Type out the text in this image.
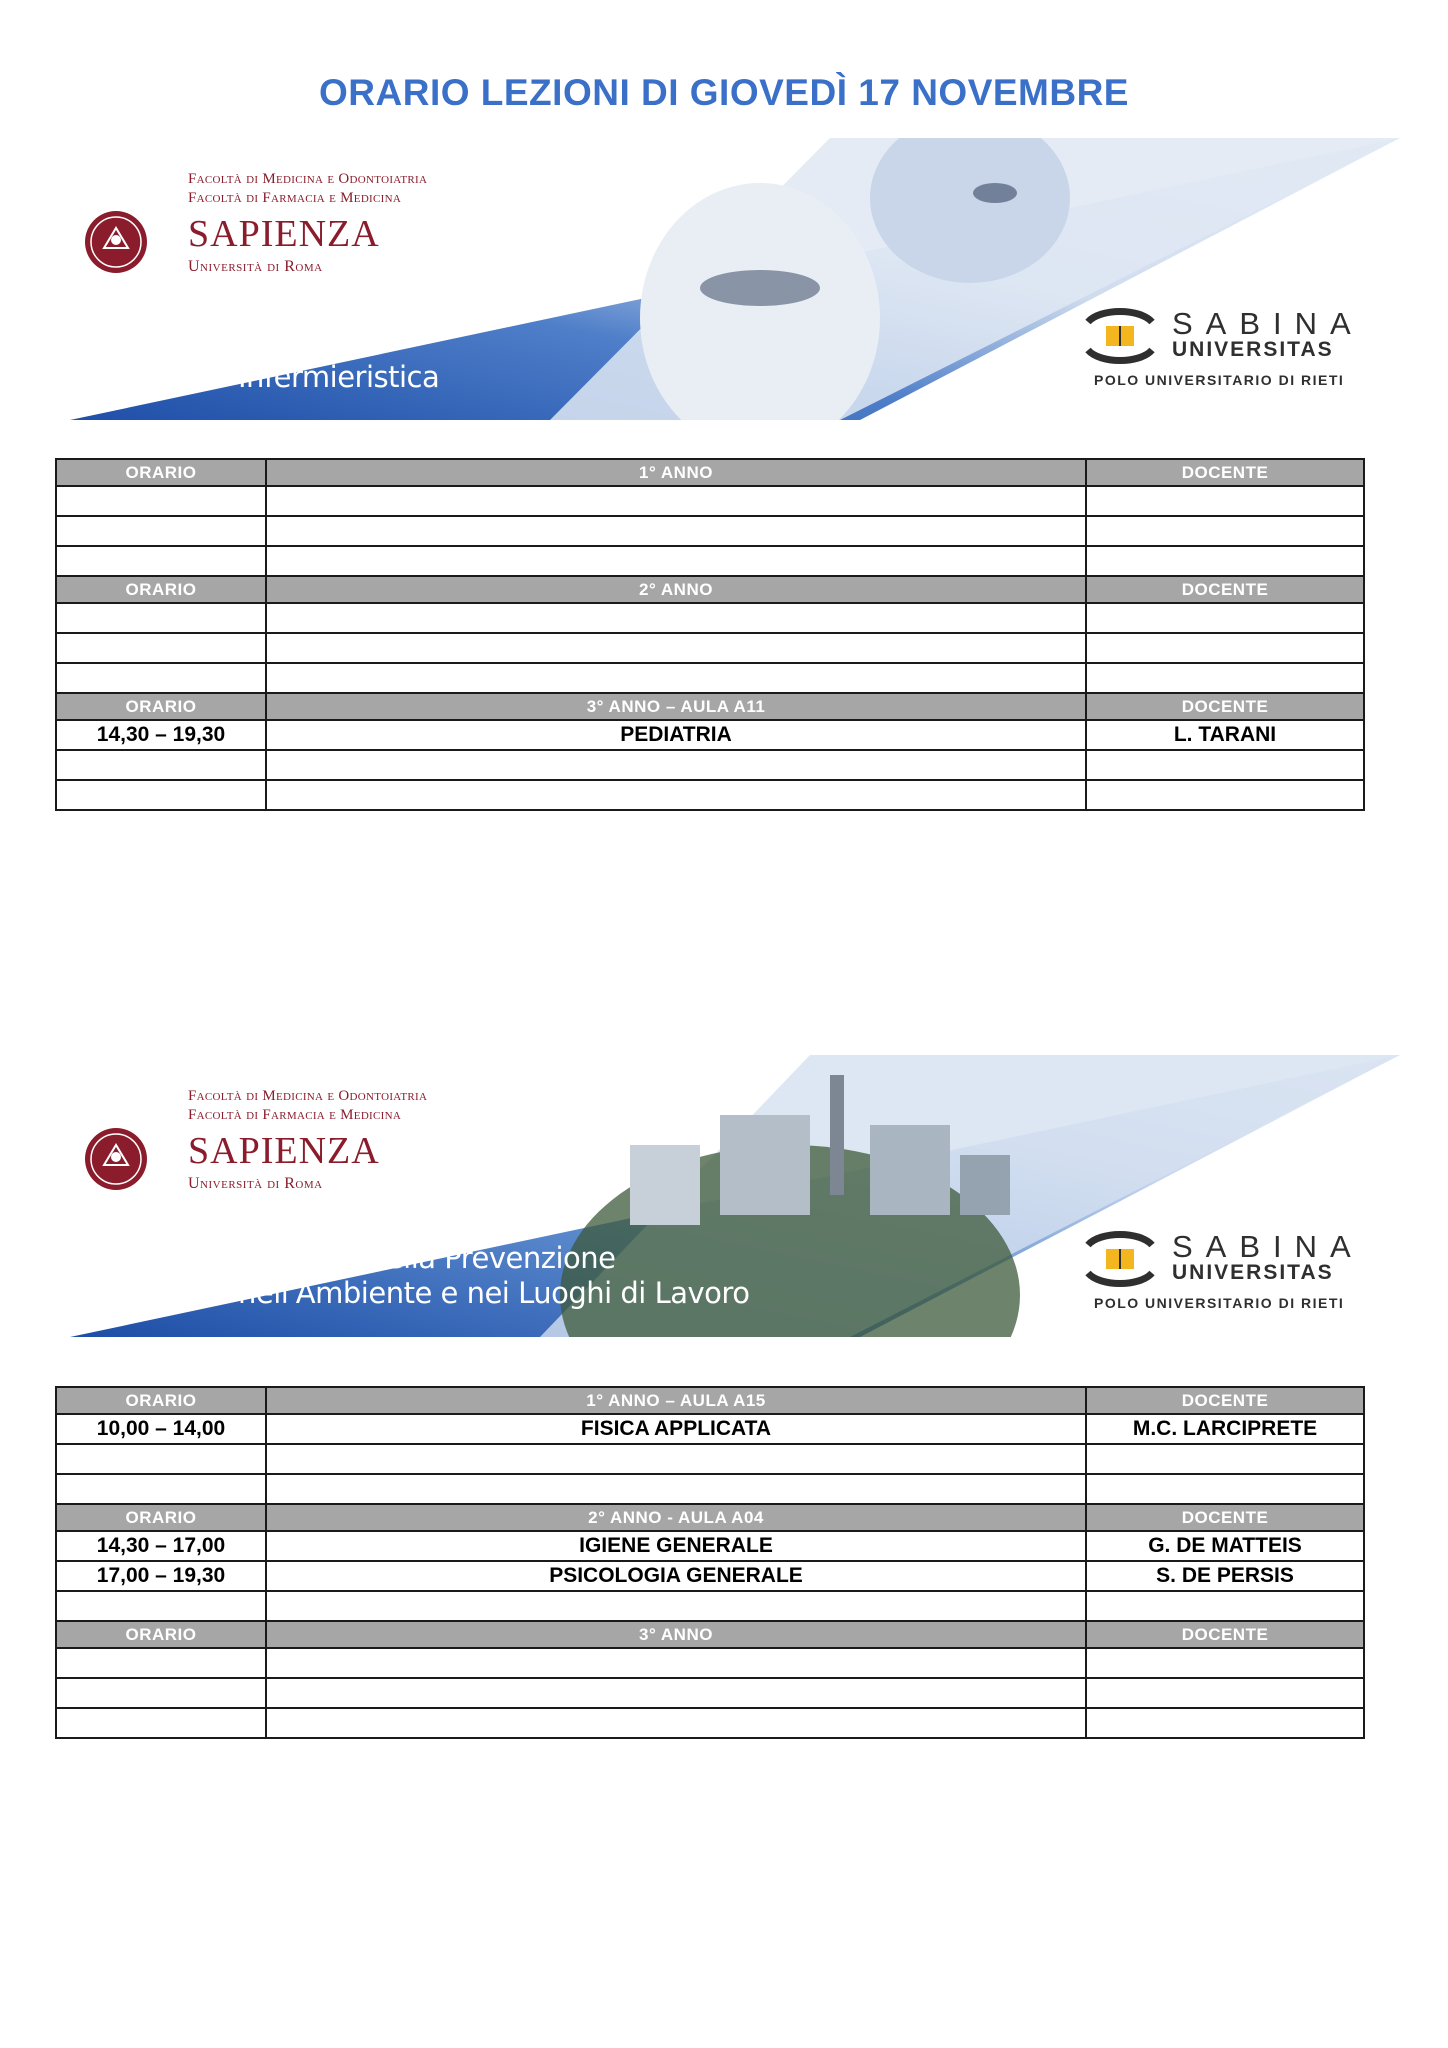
ORARIO LEZIONI DI GIOVEDÌ 17 NOVEMBRE
Facoltà di Medicina e Odontoiatria
Facoltà di Farmacia e Medicina
SAPIENZA
Università di Roma
Infermieristica
SABINA
UNIVERSITAS
POLO UNIVERSITARIO DI RIETI
ORARIO	1° ANNO	DOCENTE

ORARIO	2° ANNO	DOCENTE

ORARIO	3° ANNO – AULA A11	DOCENTE
14,30 – 19,30	PEDIATRIA	L. TARANI

Facoltà di Medicina e Odontoiatria
Facoltà di Farmacia e Medicina
SAPIENZA
Università di Roma
Tecniche della Prevenzione
nell'Ambiente e nei Luoghi di Lavoro
SABINA
UNIVERSITAS
POLO UNIVERSITARIO DI RIETI
ORARIO	1° ANNO – AULA A15	DOCENTE
10,00 – 14,00	FISICA APPLICATA	M.C. LARCIPRETE

ORARIO	2° ANNO - AULA A04	DOCENTE
14,30 – 17,00	IGIENE GENERALE	G. DE MATTEIS
17,00 – 19,30	PSICOLOGIA GENERALE	S. DE PERSIS

ORARIO	3° ANNO	DOCENTE
